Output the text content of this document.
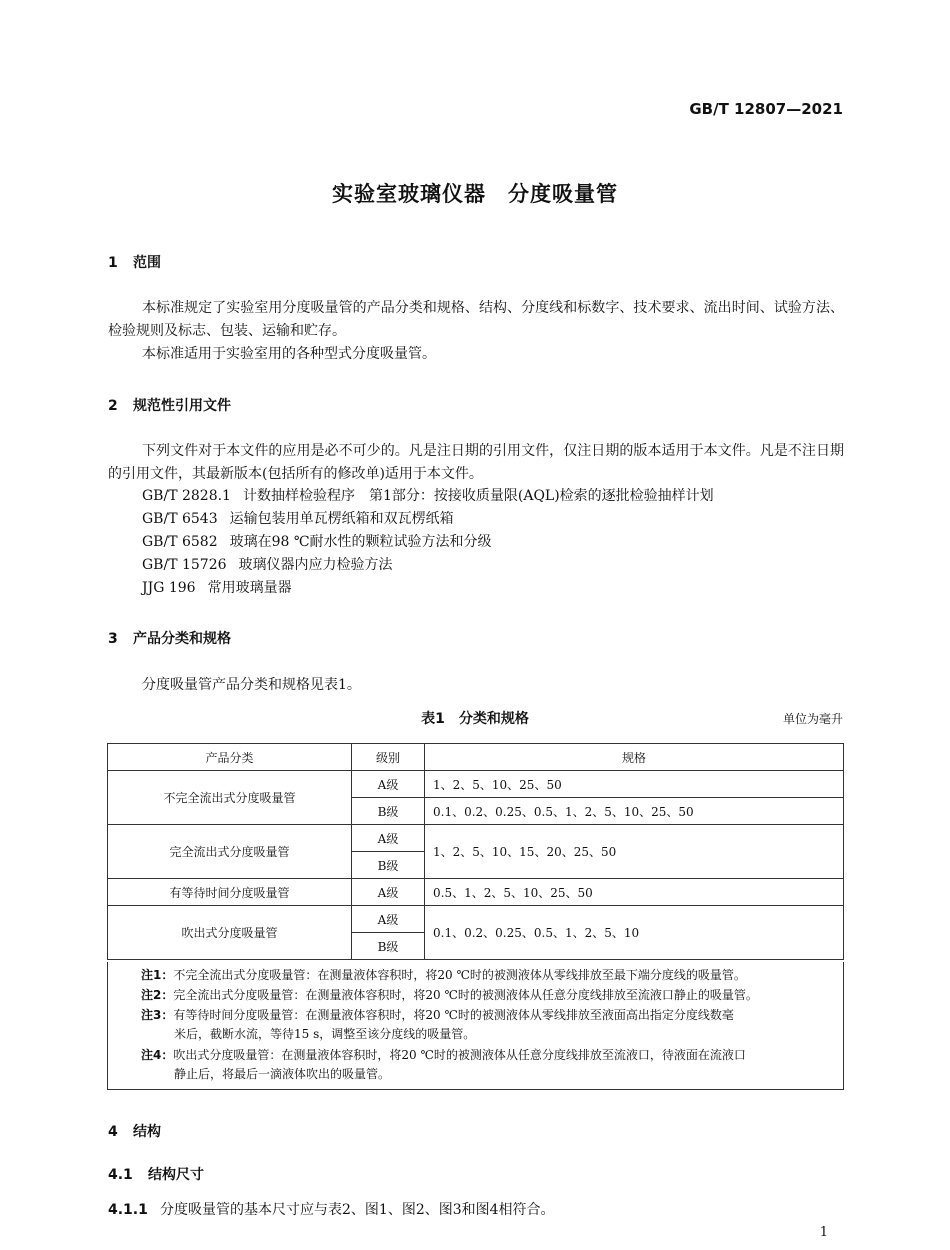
GB/T 12807—2021
实验室玻璃仪器　分度吸量管
1 范围
本标准规定了实验室用分度吸量管的产品分类和规格、结构、分度线和标数字、技术要求、流出时间、试验方法、检验规则及标志、包装、运输和贮存。
本标准适用于实验室用的各种型式分度吸量管。
2 规范性引用文件
下列文件对于本文件的应用是必不可少的。凡是注日期的引用文件，仅注日期的版本适用于本文件。凡是不注日期的引用文件，其最新版本(包括所有的修改单)适用于本文件。
GB/T 2828.1 计数抽样检验程序　第1部分：按接收质量限(AQL)检索的逐批检验抽样计划
GB/T 6543 运输包装用单瓦楞纸箱和双瓦楞纸箱
GB/T 6582 玻璃在98 ℃耐水性的颗粒试验方法和分级
GB/T 15726 玻璃仪器内应力检验方法
JJG 196 常用玻璃量器
3 产品分类和规格
分度吸量管产品分类和规格见表1。
表1　分类和规格	单位为毫升
产品分类	级别	规格
不完全流出式分度吸量管	A级	1、2、5、10、25、50
	B级	0.1、0.2、0.25、0.5、1、2、5、10、25、50
完全流出式分度吸量管	A级	1、2、5、10、15、20、25、50
	B级	
有等待时间分度吸量管	A级	0.5、1、2、5、10、25、50
吹出式分度吸量管	A级	0.1、0.2、0.25、0.5、1、2、5、10
	B级	
注1：不完全流出式分度吸量管：在测量液体容积时，将20 ℃时的被测液体从零线排放至最下端分度线的吸量管。
注2：完全流出式分度吸量管：在测量液体容积时，将20 ℃时的被测液体从任意分度线排放至流液口静止的吸量管。
注3：有等待时间分度吸量管：在测量液体容积时，将20 ℃时的被测液体从零线排放至液面高出指定分度线数毫
米后，截断水流，等待15 s，调整至该分度线的吸量管。
注4：吹出式分度吸量管：在测量液体容积时，将20 ℃时的被测液体从任意分度线排放至流液口，待液面在流液口
静止后，将最后一滴液体吹出的吸量管。
4 结构
4.1 结构尺寸
4.1.1 分度吸量管的基本尺寸应与表2、图1、图2、图3和图4相符合。
1
